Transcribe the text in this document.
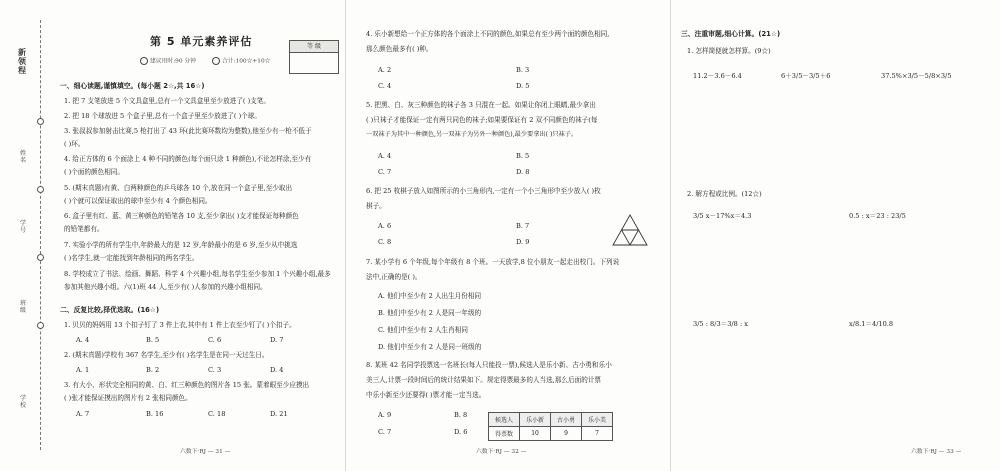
新领程
姓名
学号
班级
学校
第 5 单元素养评估
建议用时:90 分钟	合计:100☆+10☆
等 级
一、细心读题,谨慎填空。(每小题 2☆,共 16☆)
1. 把 7 支笔放进 5 个文具盒里,总有一个文具盒里至少放进了( )支笔。
2. 把 18 个球放进 5 个盒子里,总有一个盒子里至少放进了( )个球。
3. 张叔叔参加射击比赛,5 枪打出了 43 环(此比赛环数均为整数),他至少有一枪不低于
( )环。
4. 给正方体的 6 个面涂上 4 种不同的颜色(每个面只涂 1 种颜色),不论怎样涂,至少有
( )个面的颜色相同。
5. (期末真题)有黄、白两种颜色的乒乓球各 10 个,放在同一个盒子里,至少取出
( )个就可以保证取出的球中至少有 4 个颜色相同。
6. 盒子里有红、蓝、黄三种颜色的铅笔各 10 支,至少拿出( )支才能保证每种颜色
的铅笔都有。
7. 实验小学的所有学生中,年龄最大的是 12 岁,年龄最小的是 6 岁,至少从中挑选
( )名学生,就一定能找到年龄相同的两名学生。
8. 学校成立了书法、绘画、舞蹈、科学 4 个兴趣小组,每名学生至少参加 1 个兴趣小组,最多
参加其他兴趣小组。六(1)班 44 人,至少有( )人参加的兴趣小组相同。
二、反复比较,择优选取。(16☆)
1. 贝贝的妈妈用 13 个扣子钉了 3 件上衣,其中有 1 件上衣至少钉了( )个扣子。
A. 4	B. 5	C. 6	D. 7
2. (期末真题)学校有 367 名学生,至少有( )名学生是在同一天过生日。
A. 1	B. 2	C. 3	D. 4
3. 有大小、形状完全相同的黄、白、红三种颜色的图片各 15 张。蒙着眼至少应摸出
( )张才能保证摸出的图片有 2 张相同颜色。
A. 7	B. 16	C. 18	D. 21
六数下·RJ — 31 —
4. 乐小新想给一个正方体的各个面涂上不同的颜色,如果总有至少两个面的颜色相同,
那么颜色最多有( )种。
A. 2	B. 3
C. 4	D. 5
5. 把黑、白、灰三种颜色的袜子各 3 只混在一起。如果让你闭上眼睛,最少拿出
( )只袜子才能保证一定有两只同色的袜子;如果要保证有 2 双不同颜色的袜子(每
一双袜子为其中一种颜色,另一双袜子为另外一种颜色),最少要拿出( )只袜子。
A. 4	B. 5
C. 7	D. 8
6. 把 25 枚棋子放入如图所示的小三角形内,一定有一个小三角形中至少放入( )枚
棋子。
A. 6	B. 7
C. 8	D. 9
7. 某小学有 6 个年级,每个年级有 8 个班。一天放学,8 位小朋友一起走出校门。下列说
法中,正确的是( )。
A. 他们中至少有 2 人出生月份相同
B. 他们中至少有 2 人是同一年级的
C. 他们中至少有 2 人生肖相同
D. 他们中至少有 2 人是同一班级的
8. 某班 42 名同学投票选一名班长(每人只能投一票),候选人是乐小新、古小勇和乐小
美三人,计票一段时间后的统计结果如下。规定得票最多的人当选,那么后面的计票
中乐小新至少还要得( )票才能一定当选。
A. 9	B. 8
C. 7	D. 6
六数下·RJ — 32 —
候选人	乐小新	古小勇	乐小美
得票数	10	9	7
三、注重审题,细心计算。(21☆)
1. 怎样简便就怎样算。(9☆)
11.2－3.6－6.4	6＋3/5－3/5＋6	37.5%×3/5－5/8×3/5
2. 解方程或比例。(12☆)
3/5 x－17%x＝4.3	0.5 : x＝23 : 23/5
3/5 : 8/3＝3/8 : x	x/8.1＝4/10.8
六数下·RJ — 33 —
